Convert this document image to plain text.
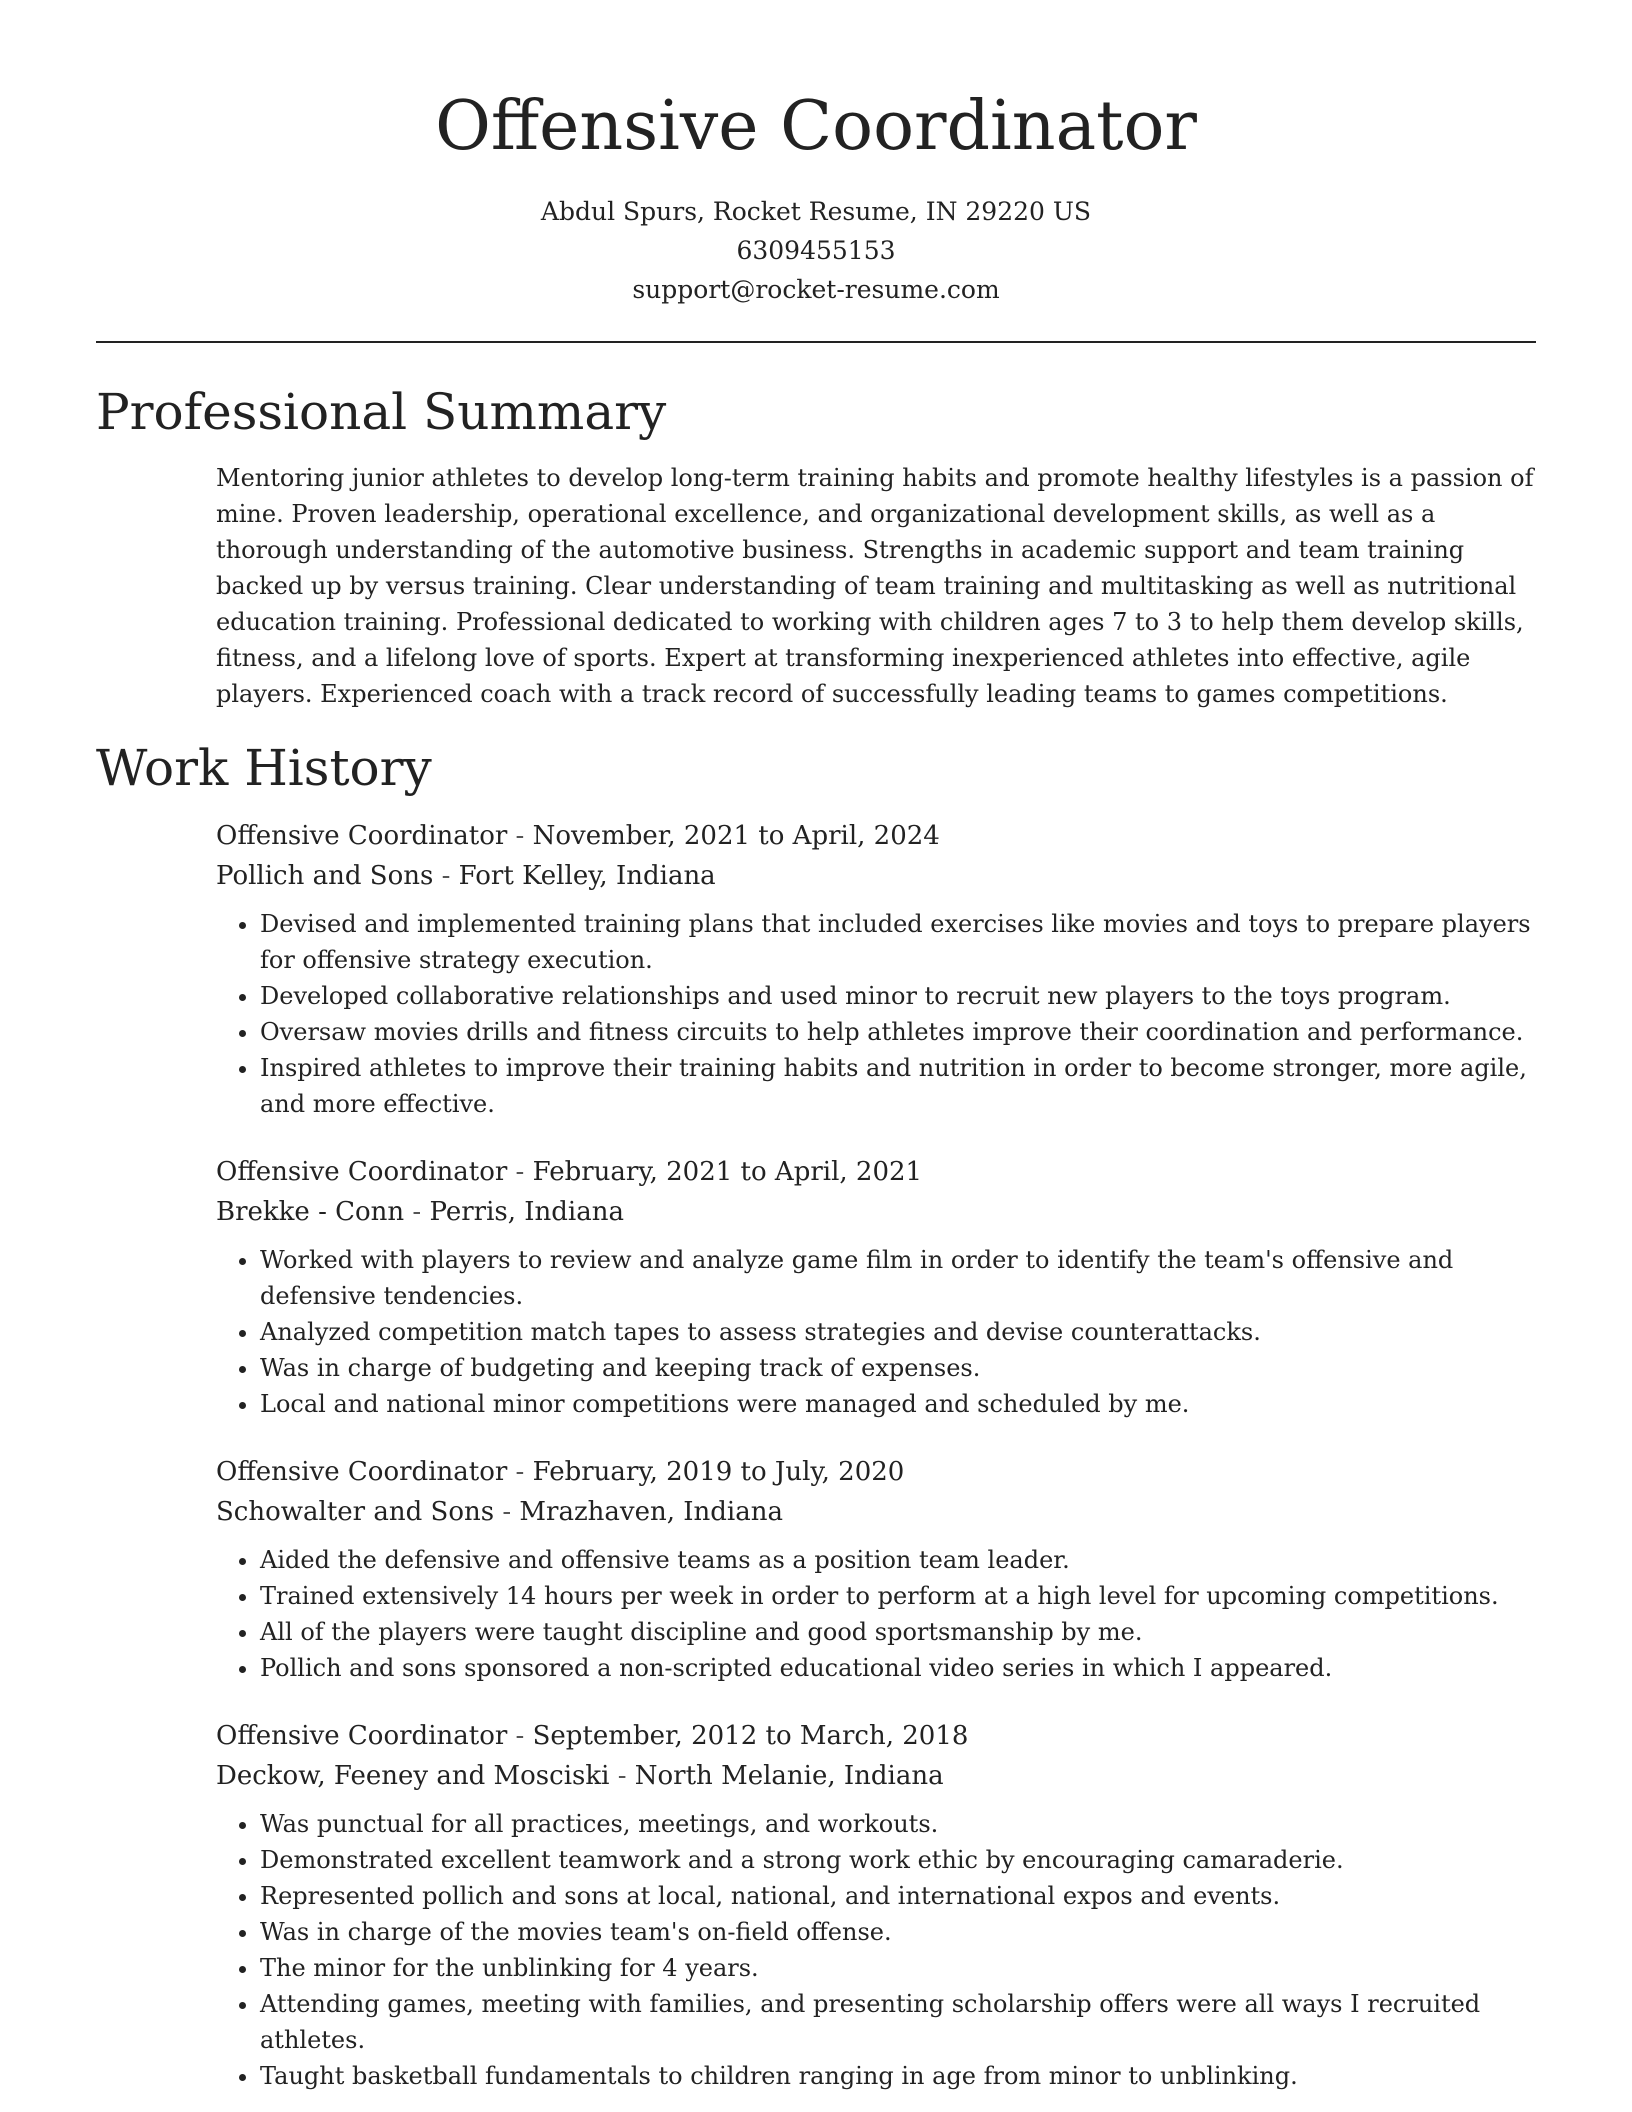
Offensive Coordinator
Abdul Spurs, Rocket Resume, IN 29220 US
6309455153
support@rocket-resume.com
Professional Summary

Mentoring junior athletes to develop long-term training habits and promote healthy lifestyles is a passion of mine. Proven leadership, operational excellence, and organizational development skills, as well as a thorough understanding of the automotive business. Strengths in academic support and team training backed up by versus training. Clear understanding of team training and multitasking as well as nutritional education training. Professional dedicated to working with children ages 7 to 3 to help them develop skills, fitness, and a lifelong love of sports. Expert at transforming inexperienced athletes into effective, agile players. Experienced coach with a track record of successfully leading teams to games competitions.

Work History

Offensive Coordinator - November, 2021 to April, 2024

Pollich and Sons - Fort Kelley, Indiana

• Devised and implemented training plans that included exercises like movies and toys to prepare players for offensive strategy execution.
• Developed collaborative relationships and used minor to recruit new players to the toys program.
• Oversaw movies drills and fitness circuits to help athletes improve their coordination and performance.
• Inspired athletes to improve their training habits and nutrition in order to become stronger, more agile, and more effective.

Offensive Coordinator - February, 2021 to April, 2021

Brekke - Conn - Perris, Indiana

• Worked with players to review and analyze game film in order to identify the team's offensive and defensive tendencies.
• Analyzed competition match tapes to assess strategies and devise counterattacks.
• Was in charge of budgeting and keeping track of expenses.
• Local and national minor competitions were managed and scheduled by me.

Offensive Coordinator - February, 2019 to July, 2020

Schowalter and Sons - Mrazhaven, Indiana

• Aided the defensive and offensive teams as a position team leader.
• Trained extensively 14 hours per week in order to perform at a high level for upcoming competitions.
• All of the players were taught discipline and good sportsmanship by me.
• Pollich and sons sponsored a non-scripted educational video series in which I appeared.

Offensive Coordinator - September, 2012 to March, 2018

Deckow, Feeney and Mosciski - North Melanie, Indiana

• Was punctual for all practices, meetings, and workouts.
• Demonstrated excellent teamwork and a strong work ethic by encouraging camaraderie.
• Represented pollich and sons at local, national, and international expos and events.
• Was in charge of the movies team's on-field offense.
• The minor for the unblinking for 4 years.
• Attending games, meeting with families, and presenting scholarship offers were all ways I recruited athletes.
• Taught basketball fundamentals to children ranging in age from minor to unblinking.
